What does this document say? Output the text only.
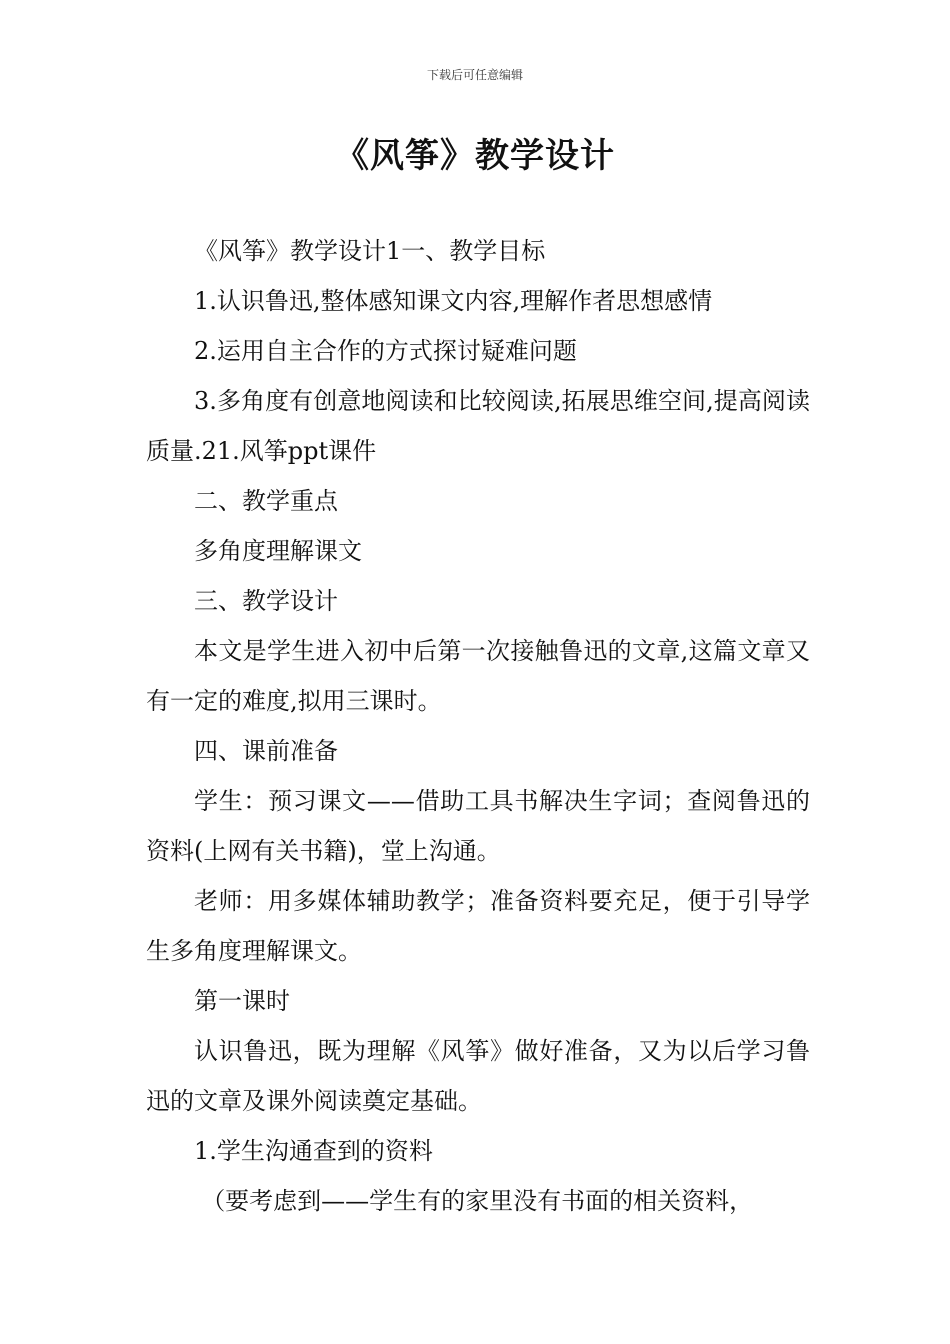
下载后可任意编辑
《风筝》教学设计

《风筝》教学设计1一、教学目标

1.认识鲁迅,整体感知课文内容,理解作者思想感情

2.运用自主合作的方式探讨疑难问题

3.多角度有创意地阅读和比较阅读,拓展思维空间,提高阅读质量.21.风筝ppt课件

二、教学重点

多角度理解课文

三、教学设计

本文是学生进入初中后第一次接触鲁迅的文章,这篇文章又有一定的难度,拟用三课时。

四、课前准备

学生：预习课文——借助工具书解决生字词；查阅鲁迅的资料(上网有关书籍)，堂上沟通。

老师：用多媒体辅助教学；准备资料要充足，便于引导学生多角度理解课文。

第一课时

认识鲁迅，既为理解《风筝》做好准备，又为以后学习鲁迅的文章及课外阅读奠定基础。

1.学生沟通查到的资料

（要考虑到——学生有的家里没有书面的相关资料，
